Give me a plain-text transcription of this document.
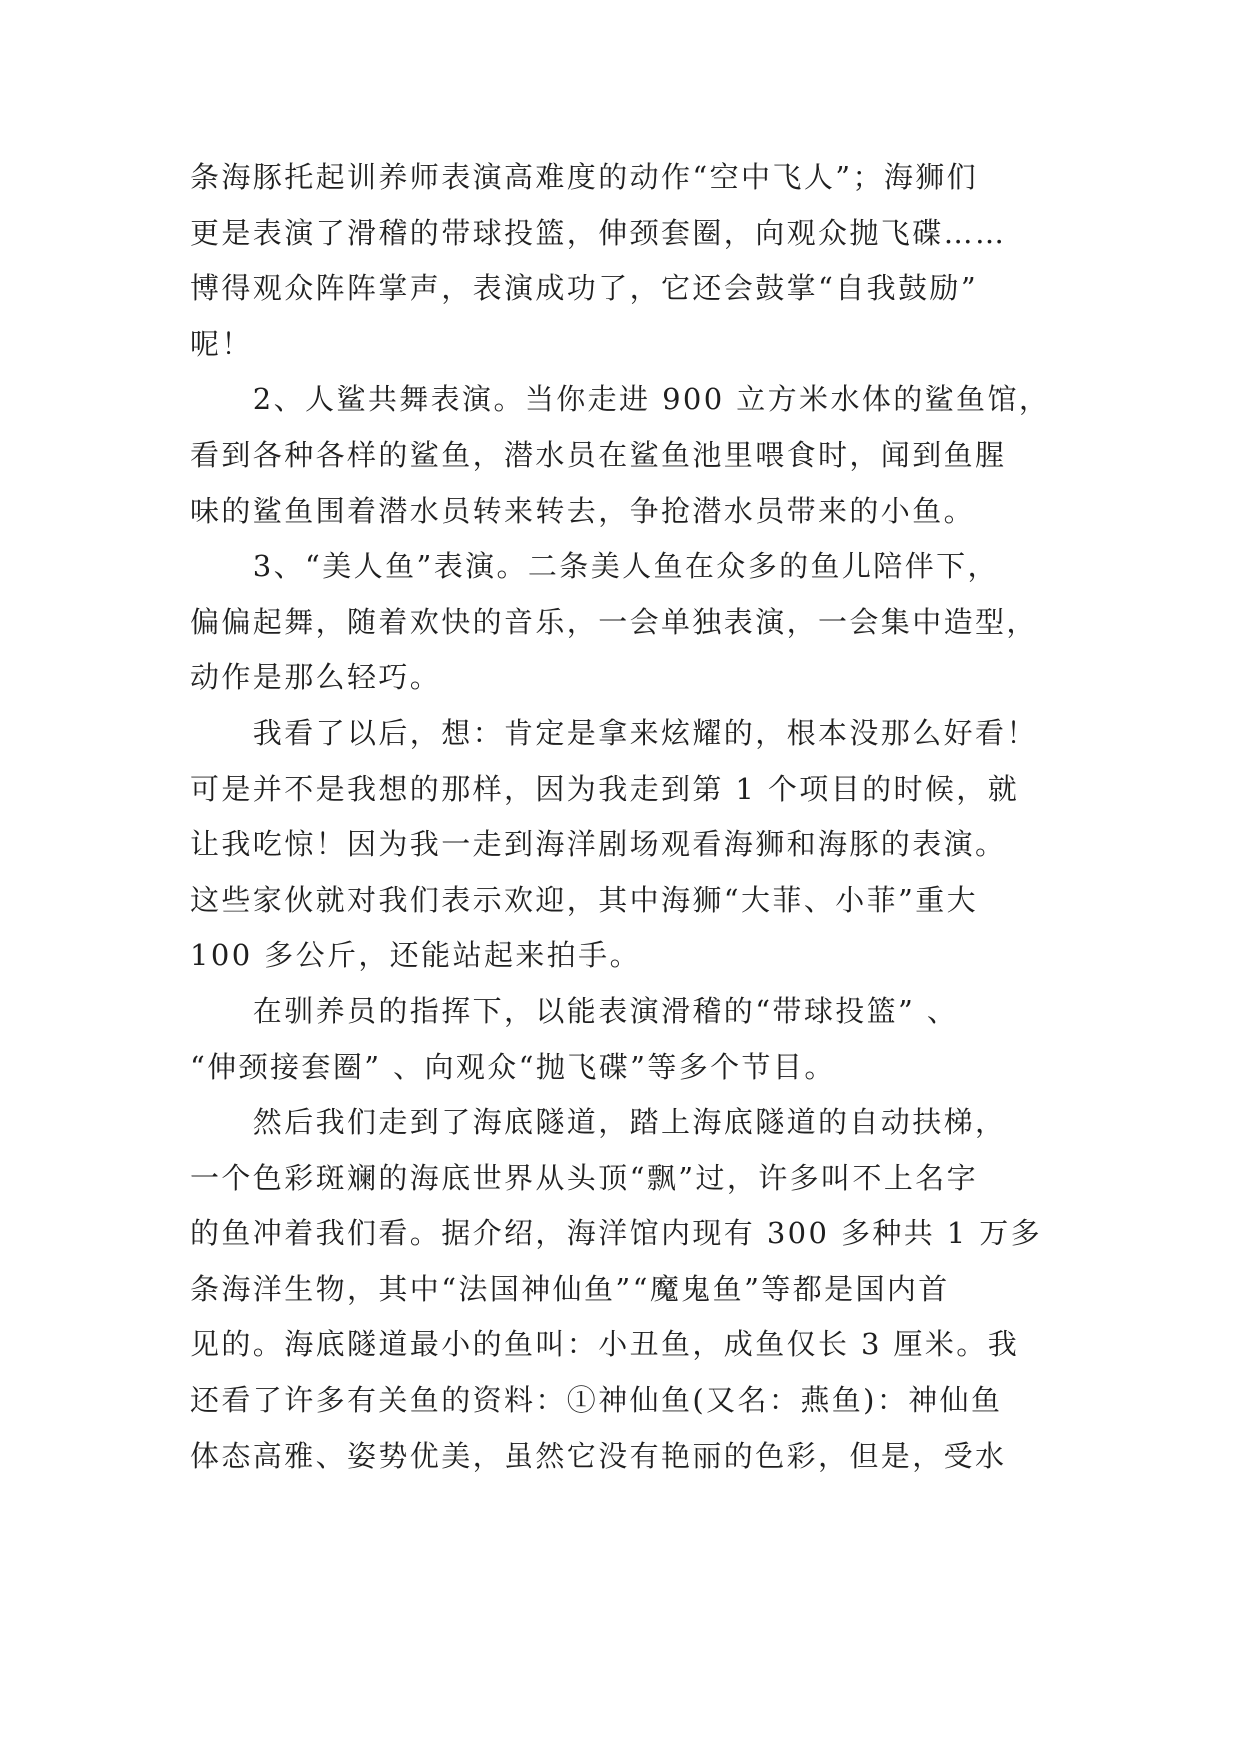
条海豚托起训养师表演高难度的动作“空中飞人”；海狮们
更是表演了滑稽的带球投篮，伸颈套圈，向观众抛飞碟……
博得观众阵阵掌声，表演成功了，它还会鼓掌“自我鼓励”
呢！
　　2、人鲨共舞表演。当你走进 900 立方米水体的鲨鱼馆，
看到各种各样的鲨鱼，潜水员在鲨鱼池里喂食时，闻到鱼腥
味的鲨鱼围着潜水员转来转去，争抢潜水员带来的小鱼。
　　3、“美人鱼”表演。二条美人鱼在众多的鱼儿陪伴下，
偏偏起舞，随着欢快的音乐，一会单独表演，一会集中造型，
动作是那么轻巧。
　　我看了以后，想：肯定是拿来炫耀的，根本没那么好看！
可是并不是我想的那样，因为我走到第 1 个项目的时候，就
让我吃惊！因为我一走到海洋剧场观看海狮和海豚的表演。
这些家伙就对我们表示欢迎，其中海狮“大菲、小菲”重大
100 多公斤，还能站起来拍手。
　　在驯养员的指挥下，以能表演滑稽的“带球投篮” 、
“伸颈接套圈” 、向观众“抛飞碟”等多个节目。
　　然后我们走到了海底隧道，踏上海底隧道的自动扶梯，
一个色彩斑斓的海底世界从头顶“飘”过，许多叫不上名字
的鱼冲着我们看。据介绍，海洋馆内现有 300 多种共 1 万多
条海洋生物，其中“法国神仙鱼”“魔鬼鱼”等都是国内首
见的。海底隧道最小的鱼叫：小丑鱼，成鱼仅长 3 厘米。我
还看了许多有关鱼的资料：①神仙鱼(又名：燕鱼)：神仙鱼
体态高雅、姿势优美，虽然它没有艳丽的色彩，但是，受水
